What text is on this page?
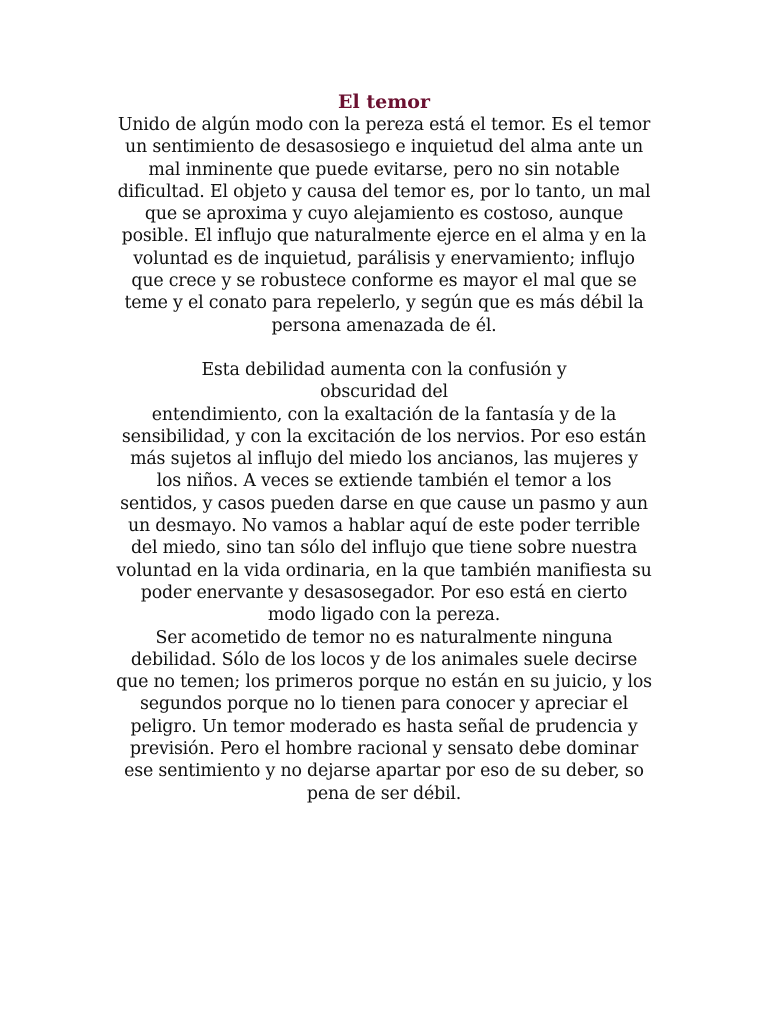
El temor

Unido de algún modo con la pereza está el temor. Es el temor un sentimiento de desasosiego e inquietud del alma ante un mal inminente que puede evitarse, pero no sin notable dificultad. El objeto y causa del temor es, por lo tanto, un mal que se aproxima y cuyo alejamiento es costoso, aunque posible. El influjo que naturalmente ejerce en el alma y en la voluntad es de inquietud, parálisis y enervamiento; influjo que crece y se robustece conforme es mayor el mal que se teme y el conato para repelerlo, y según que es más débil la persona amenazada de él.

Esta debilidad aumenta con la confusión y obscuridad del

entendimiento, con la exaltación de la fantasía y de la sensibilidad, y con la excitación de los nervios. Por eso están más sujetos al influjo del miedo los ancianos, las mujeres y los niños. A veces se extiende también el temor a los sentidos, y casos pueden darse en que cause un pasmo y aun un desmayo. No vamos a hablar aquí de este poder terrible del miedo, sino tan sólo del influjo que tiene sobre nuestra voluntad en la vida ordinaria, en la que también manifiesta su poder enervante y desasosegador. Por eso está en cierto modo ligado con la pereza.

Ser acometido de temor no es naturalmente ninguna debilidad. Sólo de los locos y de los animales suele decirse que no temen; los primeros porque no están en su juicio, y los segundos porque no lo tienen para conocer y apreciar el peligro. Un temor moderado es hasta señal de prudencia y previsión. Pero el hombre racional y sensato debe dominar ese sentimiento y no dejarse apartar por eso de su deber, so pena de ser débil.
